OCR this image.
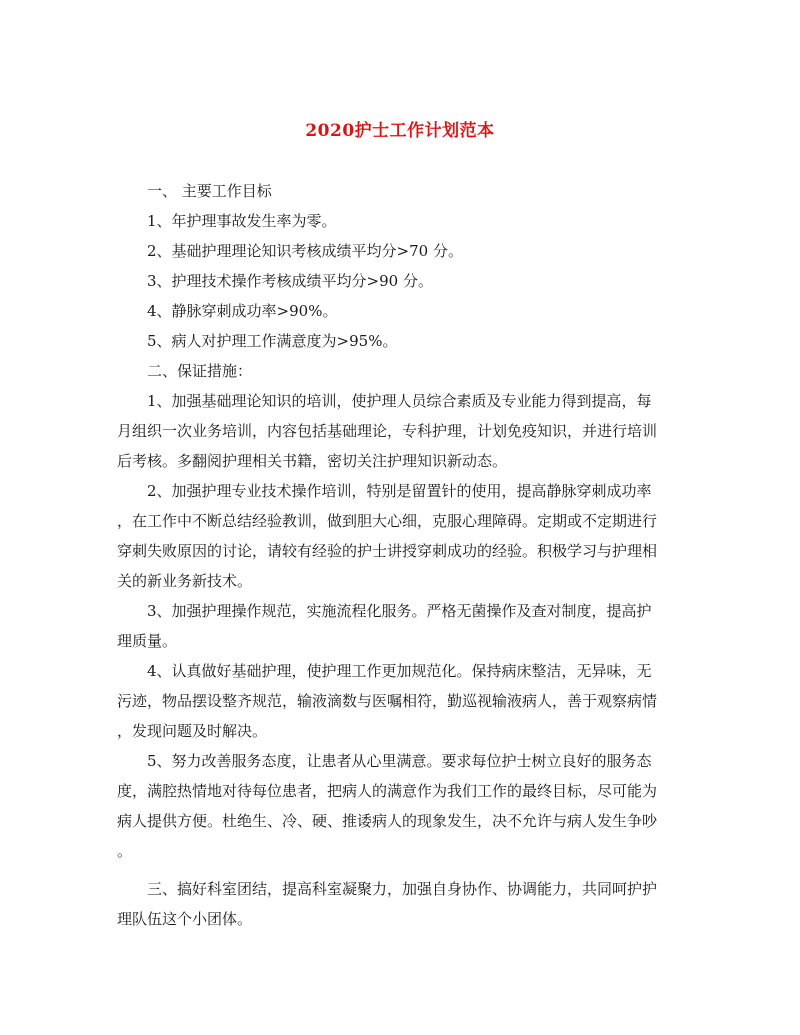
2020护士工作计划范本
一、 主要工作目标
1、年护理事故发生率为零。
2、基础护理理论知识考核成绩平均分>70 分。
3、护理技术操作考核成绩平均分>90 分。
4、静脉穿刺成功率>90%。
5、病人对护理工作满意度为>95%。
二、保证措施：
1、加强基础理论知识的培训，使护理人员综合素质及专业能力得到提高，每
月组织一次业务培训，内容包括基础理论，专科护理，计划免疫知识，并进行培训
后考核。多翻阅护理相关书籍，密切关注护理知识新动态。
2、加强护理专业技术操作培训，特别是留置针的使用，提高静脉穿刺成功率
，在工作中不断总结经验教训，做到胆大心细，克服心理障碍。定期或不定期进行
穿刺失败原因的讨论，请较有经验的护士讲授穿刺成功的经验。积极学习与护理相
关的新业务新技术。
3、加强护理操作规范，实施流程化服务。严格无菌操作及查对制度，提高护
理质量。
4、认真做好基础护理，使护理工作更加规范化。保持病床整洁，无异味，无
污迹，物品摆设整齐规范，输液滴数与医嘱相符，勤巡视输液病人，善于观察病情
，发现问题及时解决。
5、努力改善服务态度，让患者从心里满意。要求每位护士树立良好的服务态
度，满腔热情地对待每位患者，把病人的满意作为我们工作的最终目标，尽可能为
病人提供方便。杜绝生、冷、硬、推诿病人的现象发生，决不允许与病人发生争吵
。
三、搞好科室团结，提高科室凝聚力，加强自身协作、协调能力，共同呵护护
理队伍这个小团体。
